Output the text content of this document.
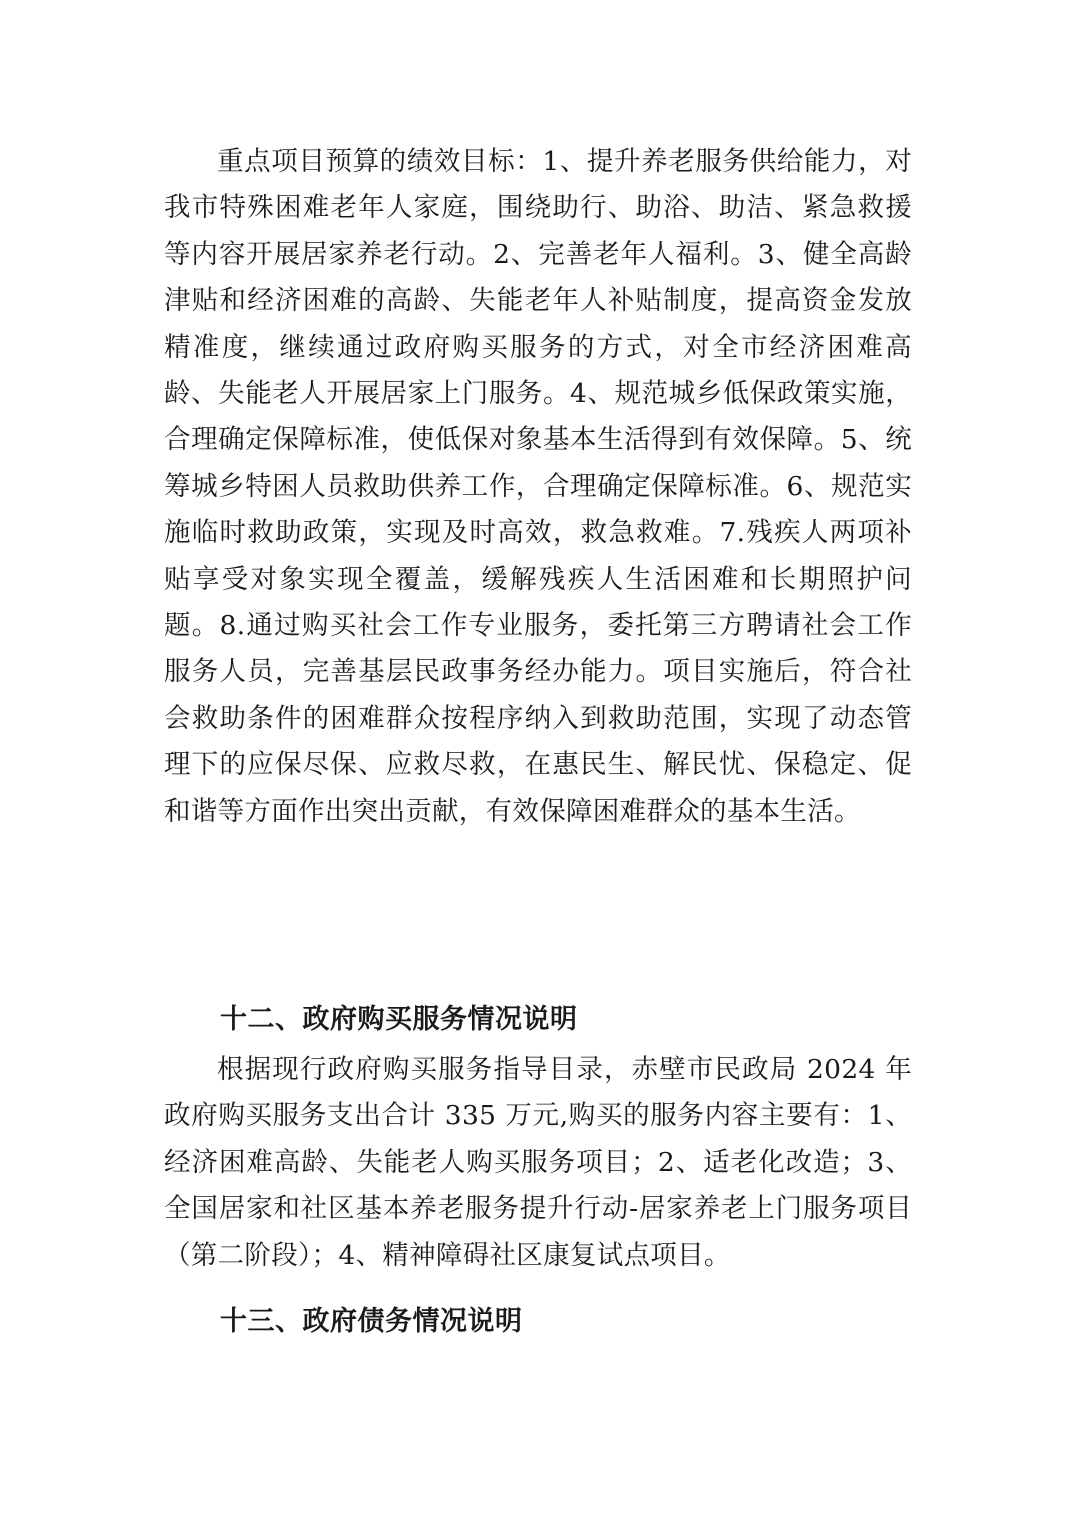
重点项目预算的绩效目标：1、提升养老服务供给能力，对我市特殊困难老年人家庭，围绕助行、助浴、助洁、紧急救援等内容开展居家养老行动。2、完善老年人福利。3、健全高龄津贴和经济困难的高龄、失能老年人补贴制度，提高资金发放精准度，继续通过政府购买服务的方式，对全市经济困难高龄、失能老人开展居家上门服务。4、规范城乡低保政策实施，合理确定保障标准，使低保对象基本生活得到有效保障。5、统筹城乡特困人员救助供养工作，合理确定保障标准。6、规范实施临时救助政策，实现及时高效，救急救难。7.残疾人两项补贴享受对象实现全覆盖，缓解残疾人生活困难和长期照护问题。8.通过购买社会工作专业服务，委托第三方聘请社会工作服务人员，完善基层民政事务经办能力。项目实施后，符合社会救助条件的困难群众按程序纳入到救助范围，实现了动态管理下的应保尽保、应救尽救，在惠民生、解民忧、保稳定、促和谐等方面作出突出贡献，有效保障困难群众的基本生活。

十二、政府购买服务情况说明

根据现行政府购买服务指导目录，赤壁市民政局 2024 年政府购买服务支出合计 335 万元,购买的服务内容主要有：1、经济困难高龄、失能老人购买服务项目；2、适老化改造；3、全国居家和社区基本养老服务提升行动-居家养老上门服务项目（第二阶段）；4、精神障碍社区康复试点项目。

十三、政府债务情况说明
